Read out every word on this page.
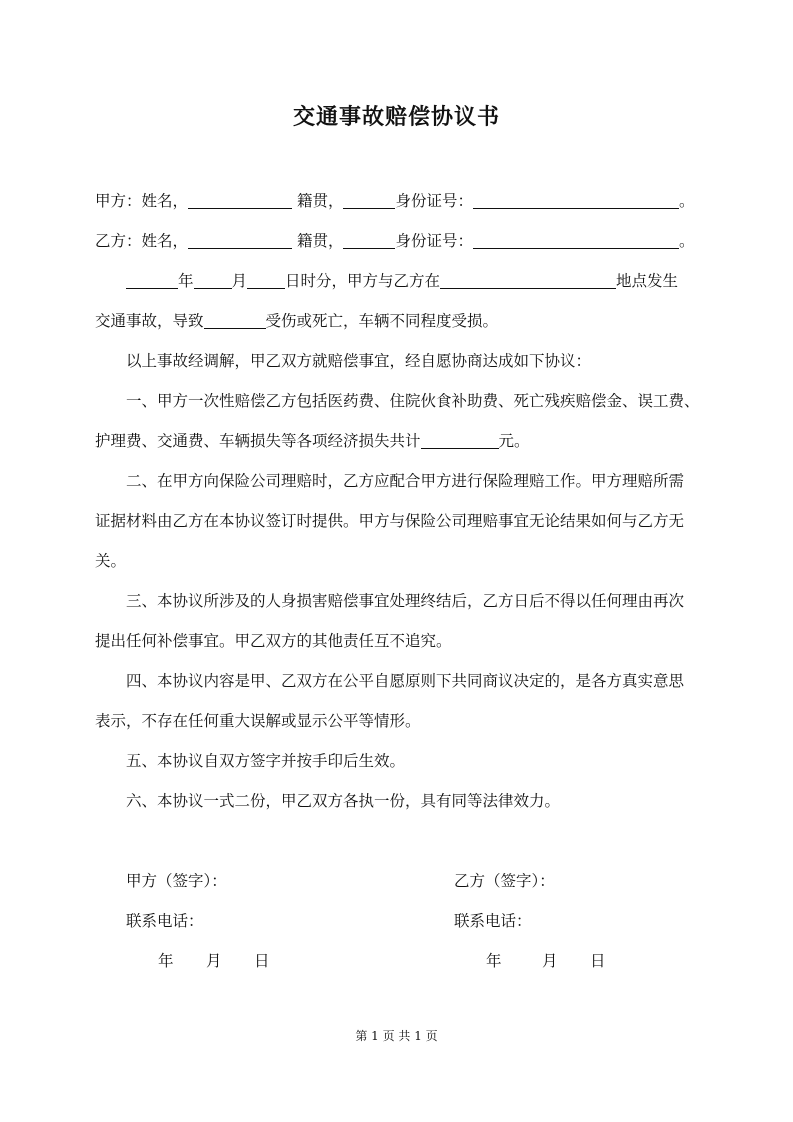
交通事故赔偿协议书
甲方：姓名，	籍贯，	身份证号：	。
乙方：姓名，	籍贯，	身份证号：	。
年 月 日时分，甲方与乙方在	地点发生
交通事故，导致	受伤或死亡，车辆不同程度受损。
以上事故经调解，甲乙双方就赔偿事宜，经自愿协商达成如下协议：
一、甲方一次性赔偿乙方包括医药费、住院伙食补助费、死亡残疾赔偿金、误工费、
护理费、交通费、车辆损失等各项经济损失共计	元。
二、在甲方向保险公司理赔时，乙方应配合甲方进行保险理赔工作。甲方理赔所需
证据材料由乙方在本协议签订时提供。甲方与保险公司理赔事宜无论结果如何与乙方无
关。
三、本协议所涉及的人身损害赔偿事宜处理终结后，乙方日后不得以任何理由再次
提出任何补偿事宜。甲乙双方的其他责任互不追究。
四、本协议内容是甲、乙双方在公平自愿原则下共同商议决定的，是各方真实意思
表示，不存在任何重大误解或显示公平等情形。
五、本协议自双方签字并按手印后生效。
六、本协议一式二份，甲乙双方各执一份，具有同等法律效力。
甲方（签字）：	乙方（签字）：
联系电话：	联系电话：
年 月 日	年	月 日
第 1 页 共 1 页
